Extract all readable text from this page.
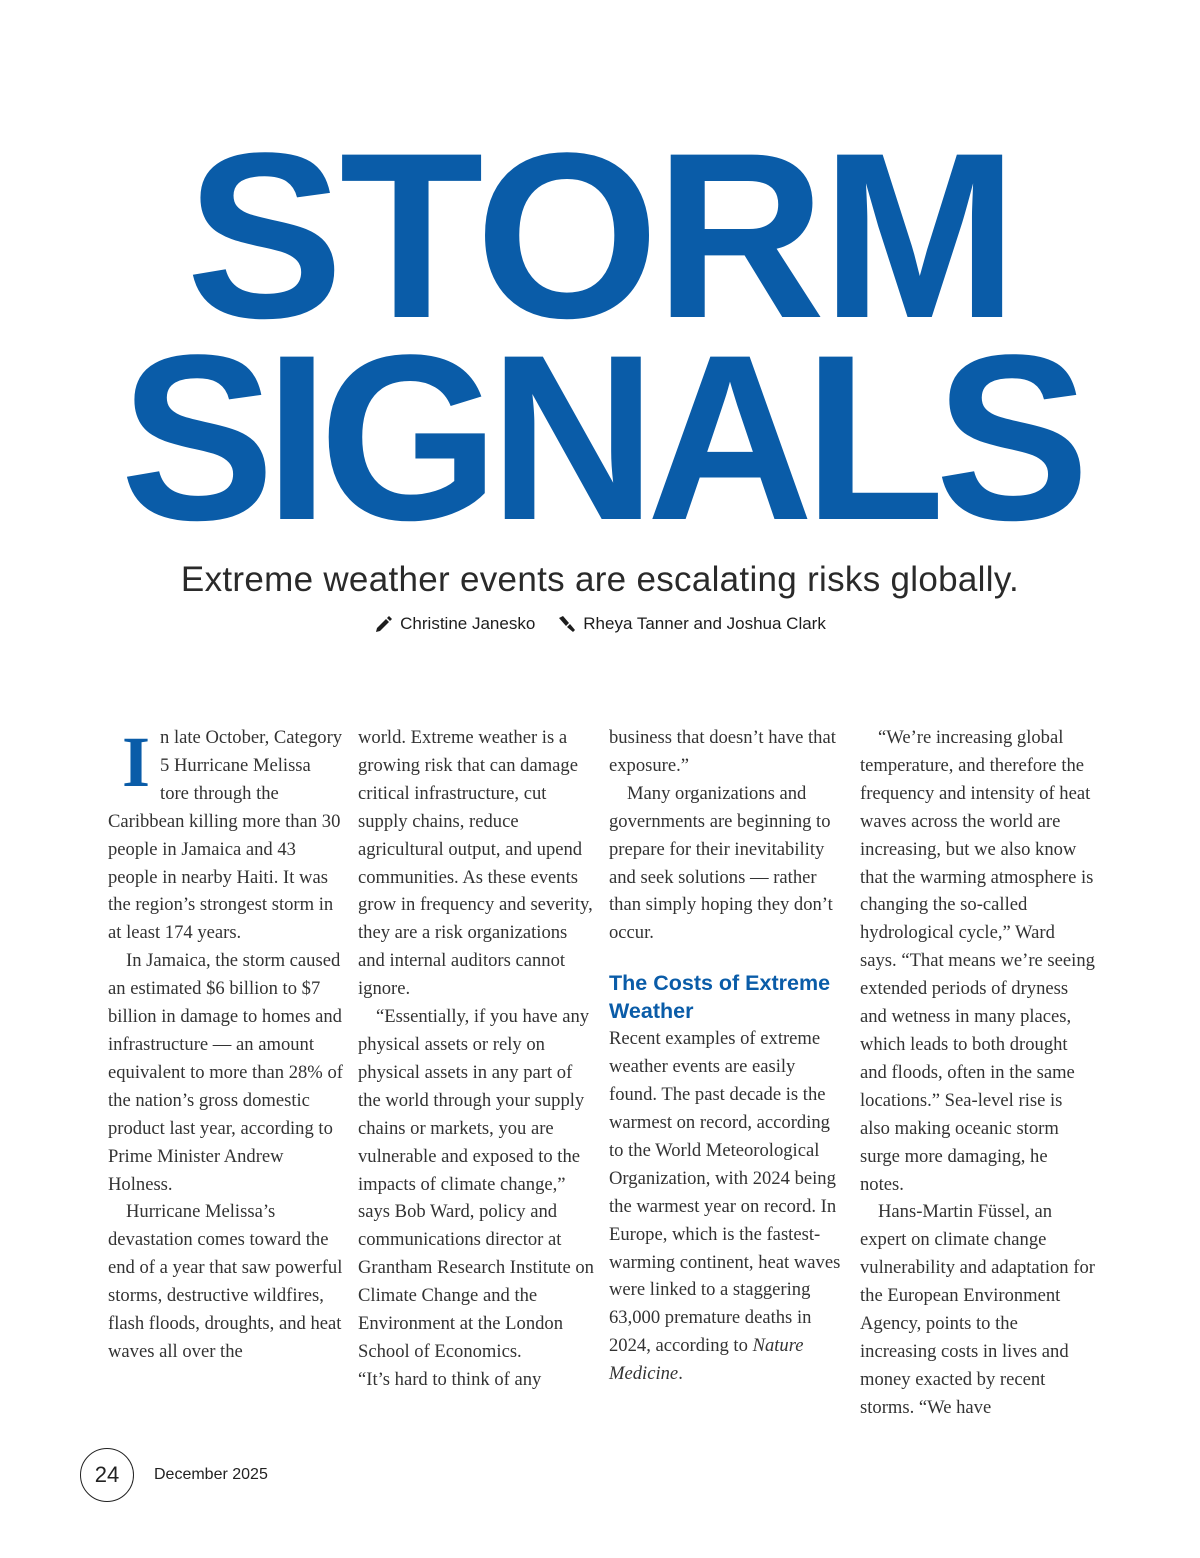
STORM
SIGNALS

Extreme weather events are escalating risks globally.

Christine Janesko	Rheya Tanner and Joshua Clark
I n late October, Category 5 Hurricane Melissa tore through the Caribbean killing more than 30 people in Jamaica and 43 people in nearby Haiti. It was the region’s strongest storm in at least 174 years.

In Jamaica, the storm caused an estimated $6 billion to $7 billion in damage to homes and infrastructure — an amount equivalent to more than 28% of the nation’s gross domestic product last year, according to Prime Minister Andrew Holness.

Hurricane Melissa’s devastation comes toward the end of a year that saw powerful storms, destructive wildfires, flash floods, droughts, and heat waves all over the

world. Extreme weather is a growing risk that can damage critical infrastructure, cut supply chains, reduce agricultural output, and upend communities. As these events grow in frequency and severity, they are a risk organizations and internal auditors cannot ignore.

“Essentially, if you have any physical assets or rely on physical assets in any part of the world through your supply chains or markets, you are vulnerable and exposed to the impacts of climate change,” says Bob Ward, policy and communications director at Grantham Research Institute on Climate Change and the Environment at the London School of Economics.

“It’s hard to think of any

business that doesn’t have that exposure.”

Many organizations and governments are beginning to prepare for their inevitability and seek solutions — rather than simply hoping they don’t occur.

The Costs of Extreme Weather

Recent examples of extreme weather events are easily found. The past decade is the warmest on record, according to the World Meteorological Organization, with 2024 being the warmest year on record. In Europe, which is the fastest-warming continent, heat waves were linked to a staggering 63,000 premature deaths in 2024, according to Nature Medicine.

“We’re increasing global temperature, and therefore the frequency and intensity of heat waves across the world are increasing, but we also know that the warming atmosphere is changing the so-called hydrological cycle,” Ward says. “That means we’re seeing extended periods of dryness and wetness in many places, which leads to both drought and floods, often in the same locations.” Sea-level rise is also making oceanic storm surge more damaging, he notes.

Hans-Martin Füssel, an expert on climate change vulnerability and adaptation for the European Environment Agency, points to the increasing costs in lives and money exacted by recent storms. “We have

24	December 2025
